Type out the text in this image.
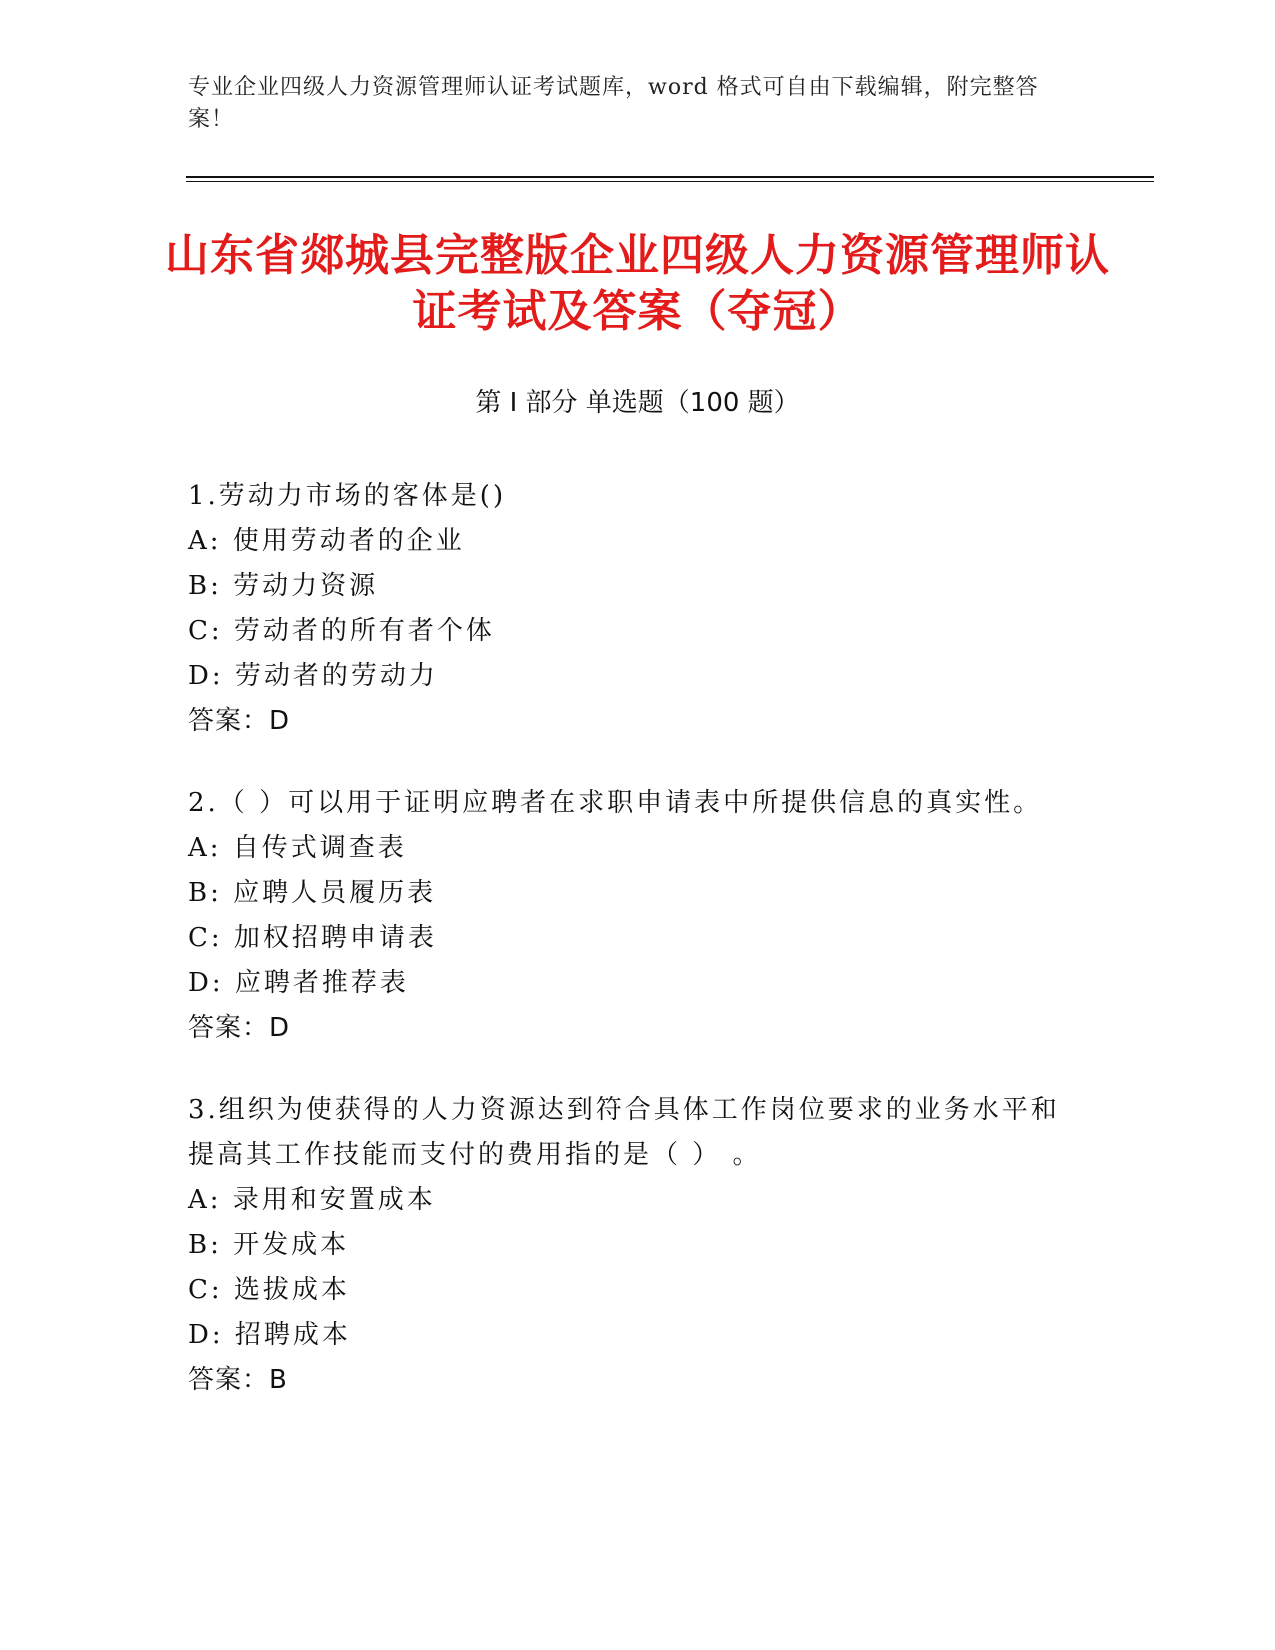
专业企业四级人力资源管理师认证考试题库，word 格式可自由下载编辑，附完整答案！
山东省郯城县完整版企业四级人力资源管理师认证考试及答案（夺冠）
第 I 部分 单选题（100 题）
1.劳动力市场的客体是()
A: 使用劳动者的企业
B: 劳动力资源
C: 劳动者的所有者个体
D: 劳动者的劳动力
答案：D
2.（ ）可以用于证明应聘者在求职申请表中所提供信息的真实性。
A: 自传式调查表
B: 应聘人员履历表
C: 加权招聘申请表
D: 应聘者推荐表
答案：D
3.组织为使获得的人力资源达到符合具体工作岗位要求的业务水平和提高其工作技能而支付的费用指的是（ ） 。
A: 录用和安置成本
B: 开发成本
C: 选拔成本
D: 招聘成本
答案：B
